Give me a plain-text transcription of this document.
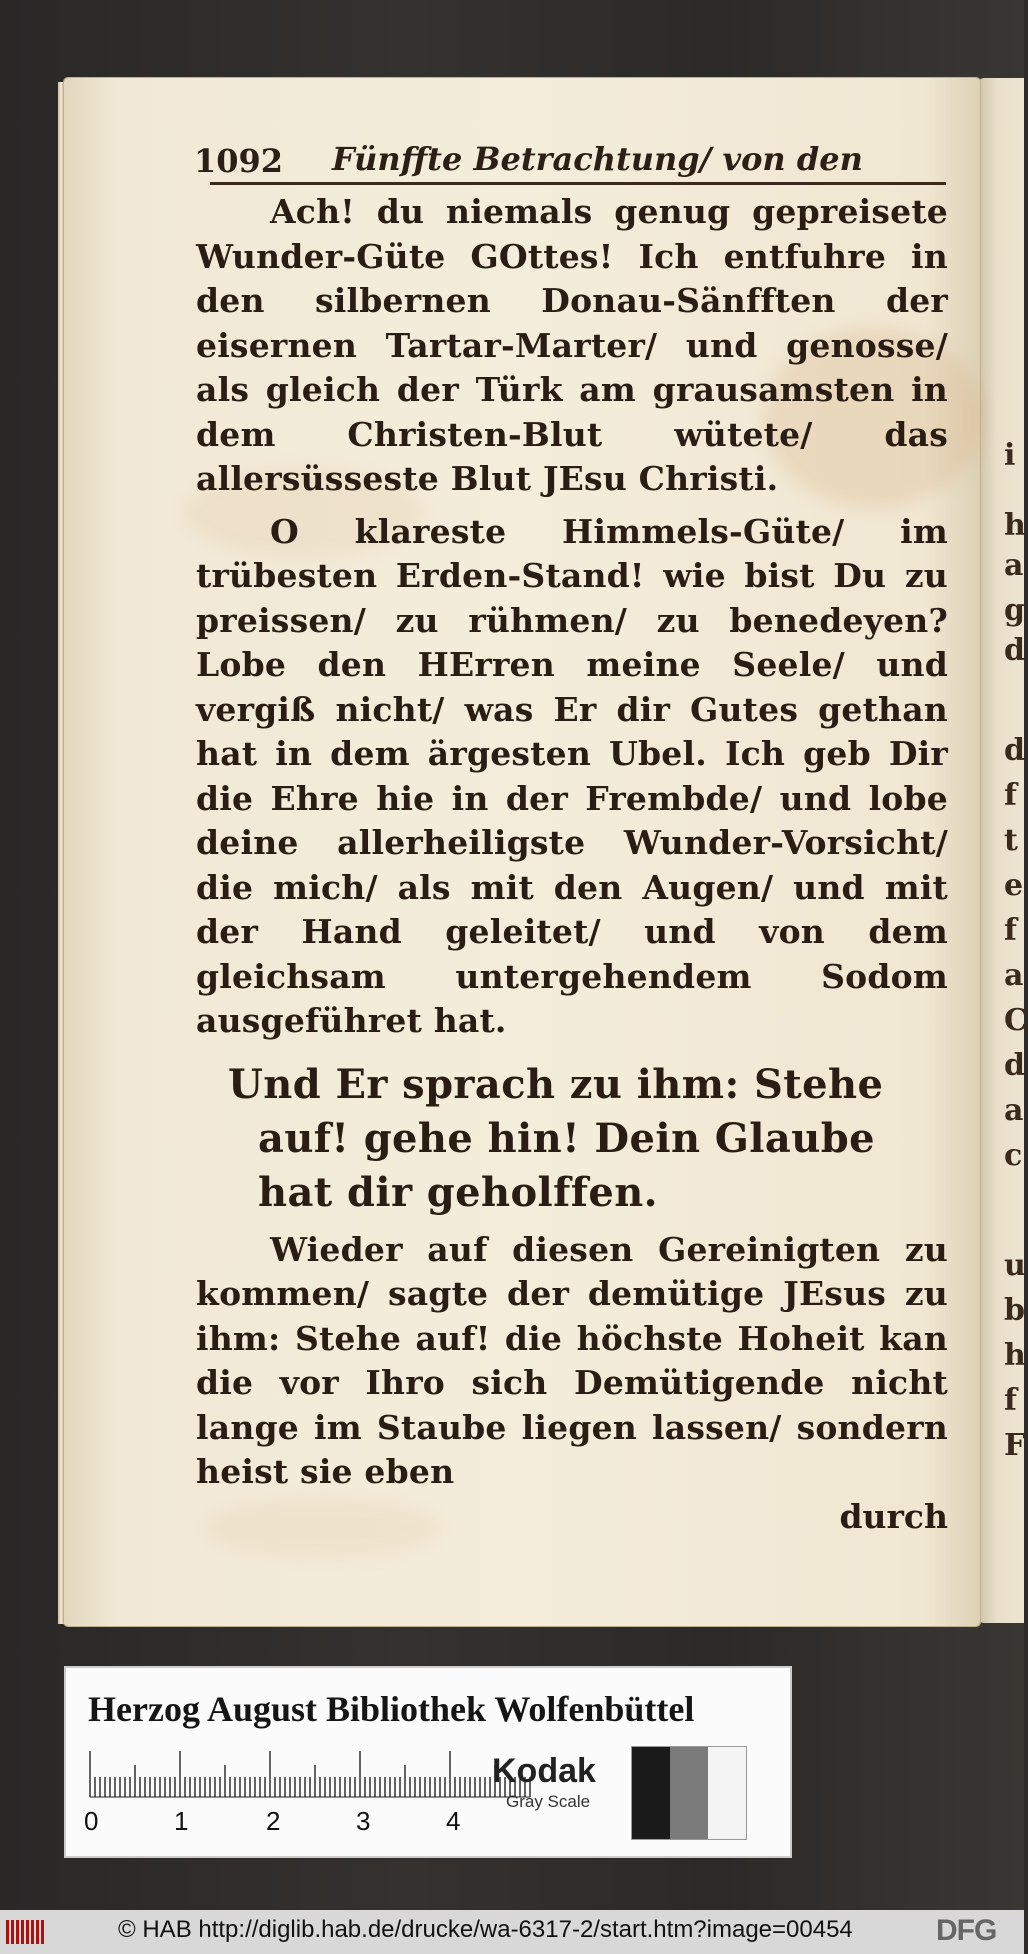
i
h
a
g
d
d
f
t
e
f
a
C
d
a
c
u
b
h
f
F
1092 Fünffte Betrachtung/ von den

Ach! du niemals genug gepreisete Wunder-Güte GOttes! Ich entfuhre in den silbernen Donau-Sänfften der eisernen Tartar-Marter/ und genosse/ als gleich der Türk am grausamsten in dem Christen-Blut wütete/ das allersüsseste Blut JEsu Christi.

O klareste Himmels-Güte/ im trübesten Erden-Stand! wie bist Du zu preissen/ zu rühmen/ zu benedeyen? Lobe den HErren meine Seele/ und vergiß nicht/ was Er dir Gutes gethan hat in dem ärgesten Ubel. Ich geb Dir die Ehre hie in der Frembde/ und lobe deine allerheiligste Wunder-Vorsicht/ die mich/ als mit den Augen/ und mit der Hand geleitet/ und von dem gleichsam untergehendem Sodom ausgeführet hat.

Und Er sprach zu ihm: Stehe auf! gehe hin! Dein Glaube hat dir geholffen.

Wieder auf diesen Gereinigten zu kommen/ sagte der demütige JEsus zu ihm: Stehe auf! die höchste Hoheit kan die vor Ihro sich Demütigende nicht lange im Staube liegen lassen/ sondern heist sie eben

durch
Herzog August Bibliothek Wolfenbüttel
0	1	2	3	4
Kodak
Gray Scale
© HAB http://diglib.hab.de/drucke/wa-6317-2/start.htm?image=00454	DFG
